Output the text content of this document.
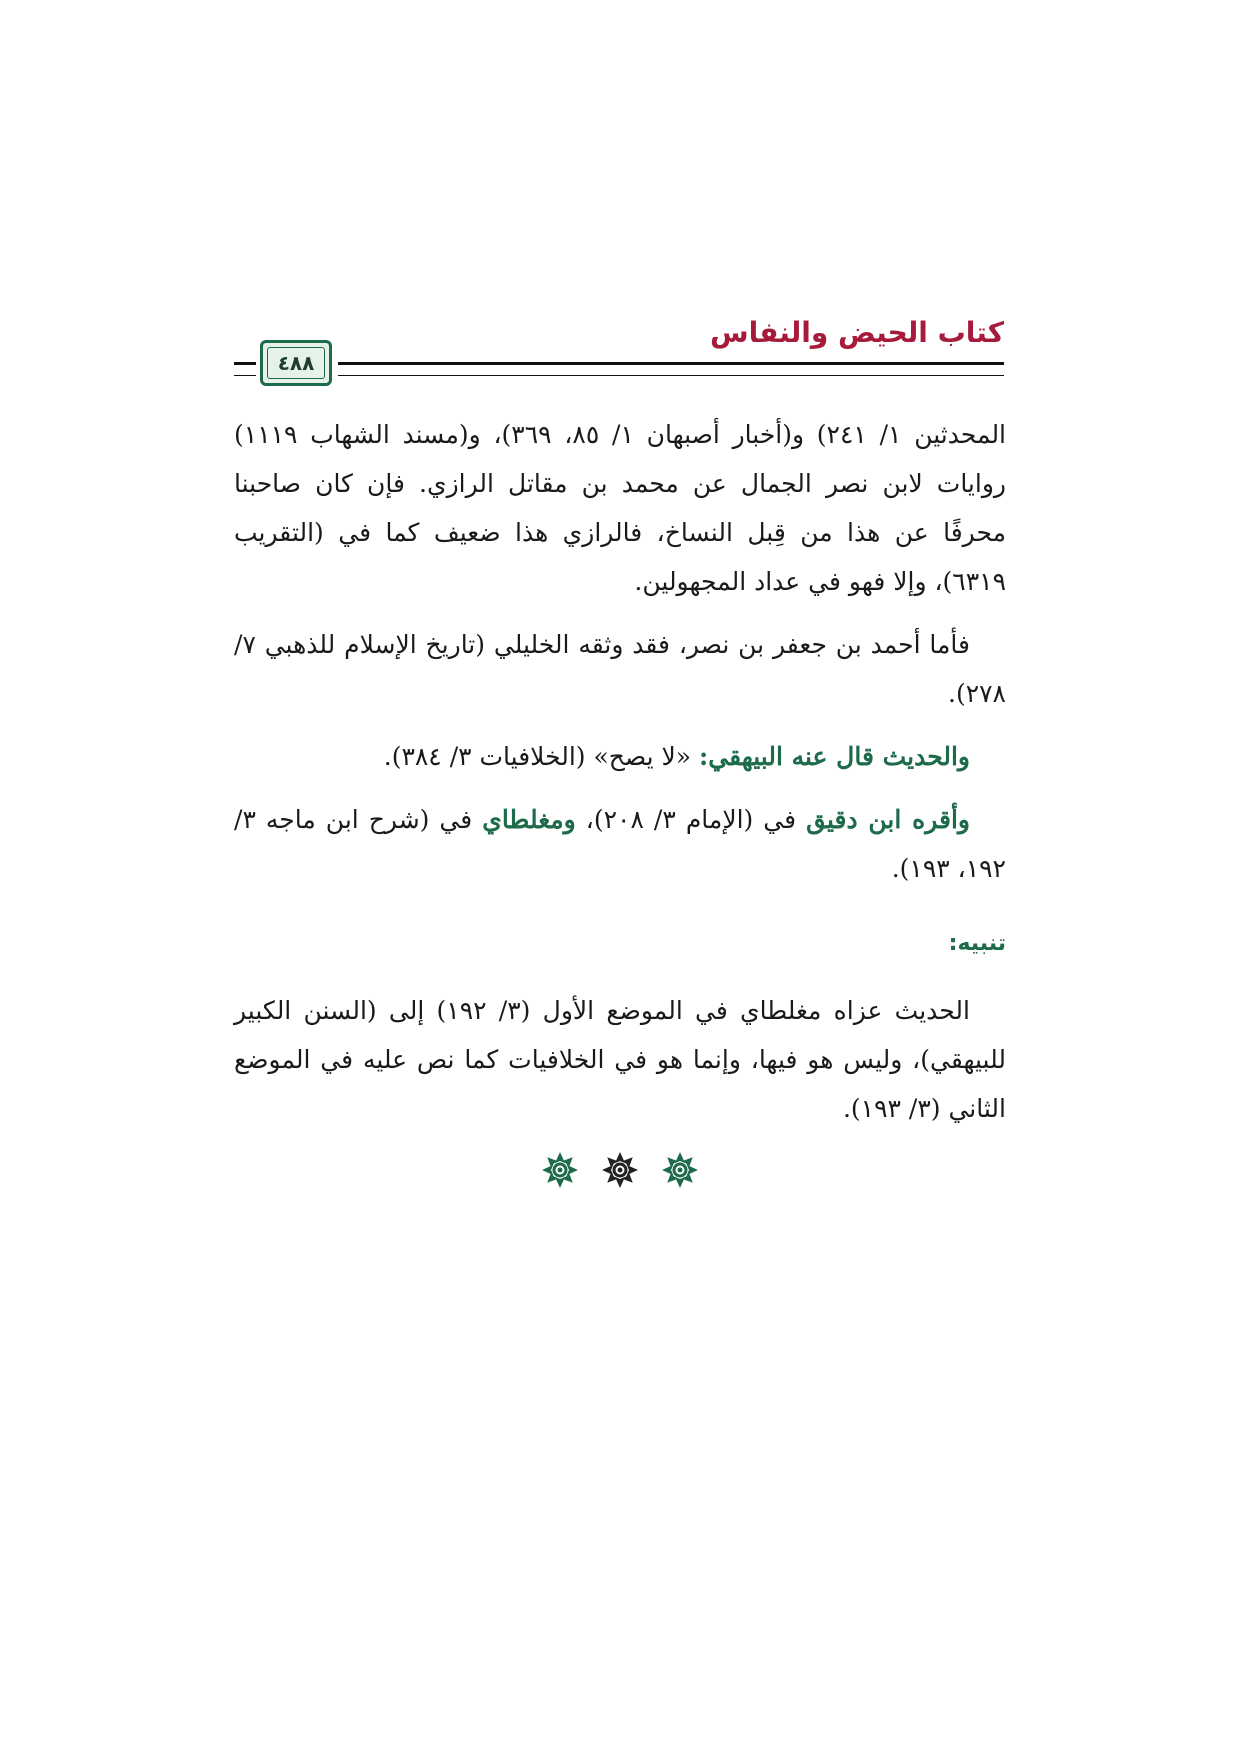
كتاب الحيض والنفاس
٤٨٨

المحدثين ١/ ٢٤١) و(أخبار أصبهان ١/ ٨٥، ٣٦٩)، و(مسند الشهاب ١١١٩) روايات لابن نصر الجمال عن محمد بن مقاتل الرازي. فإن كان صاحبنا محرفًا عن هذا من قِبل النساخ، فالرازي هذا ضعيف كما في (التقريب ٦٣١٩)، وإلا فهو في عداد المجهولين.

فأما أحمد بن جعفر بن نصر، فقد وثقه الخليلي (تاريخ الإسلام للذهبي ٧/ ٢٧٨).

والحديث قال عنه البيهقي: «لا يصح» (الخلافيات ٣/ ٣٨٤).

وأقره ابن دقيق في (الإمام ٣/ ٢٠٨)، ومغلطاي في (شرح ابن ماجه ٣/ ١٩٢، ١٩٣).

تنبيه:

الحديث عزاه مغلطاي في الموضع الأول (٣/ ١٩٢) إلى (السنن الكبير للبيهقي)، وليس هو فيها، وإنما هو في الخلافيات كما نص عليه في الموضع الثاني (٣/ ١٩٣).
